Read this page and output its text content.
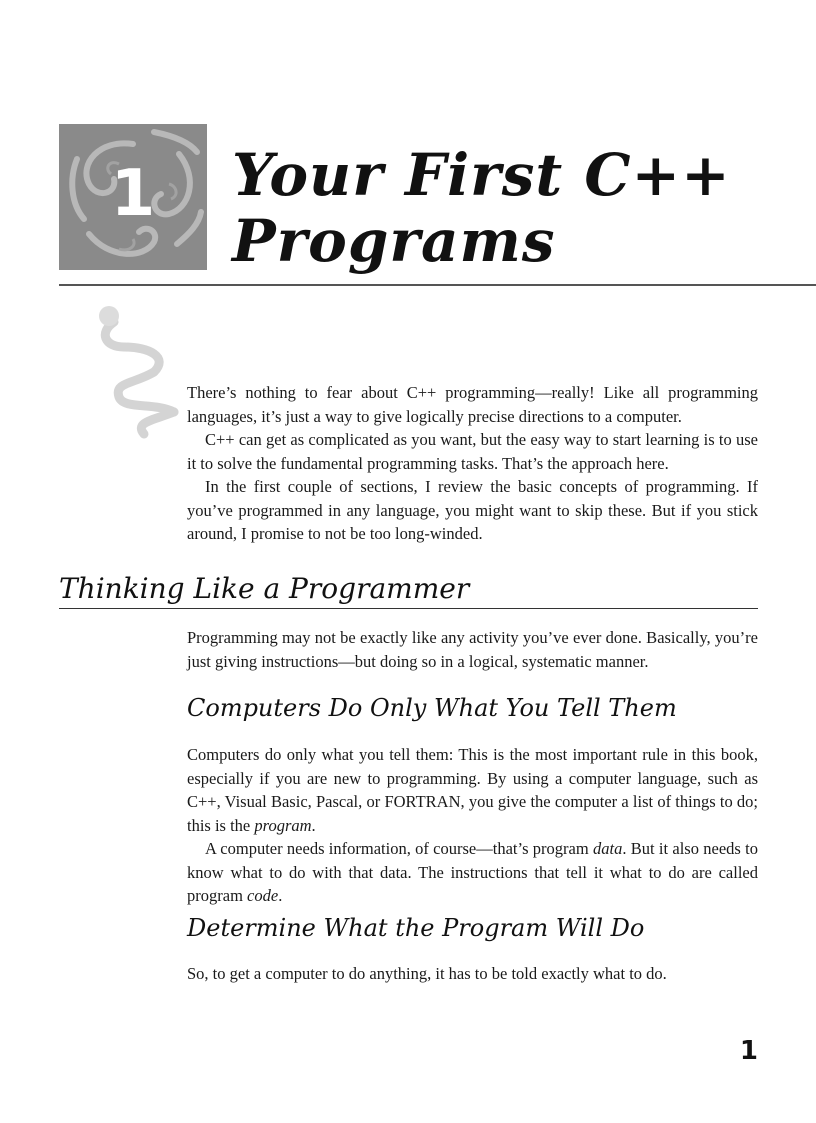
1	Your First C++
Programs

There’s nothing to fear about C++ programming—really! Like all programming languages, it’s just a way to give logically precise directions to a computer.

C++ can get as complicated as you want, but the easy way to start learning is to use it to solve the fundamental programming tasks. That’s the approach here.

In the first couple of sections, I review the basic concepts of programming. If you’ve programmed in any language, you might want to skip these. But if you stick around, I promise to not be too long-winded.

Thinking Like a Programmer

Programming may not be exactly like any activity you’ve ever done. Basically, you’re just giving instructions—but doing so in a logical, systematic manner.

Computers Do Only What You Tell Them

Computers do only what you tell them: This is the most important rule in this book, especially if you are new to programming. By using a computer language, such as C++, Visual Basic, Pascal, or FORTRAN, you give the computer a list of things to do; this is the program.

A computer needs information, of course—that’s program data. But it also needs to know what to do with that data. The instructions that tell it what to do are called program code.

Determine What the Program Will Do

So, to get a computer to do anything, it has to be told exactly what to do.

1
